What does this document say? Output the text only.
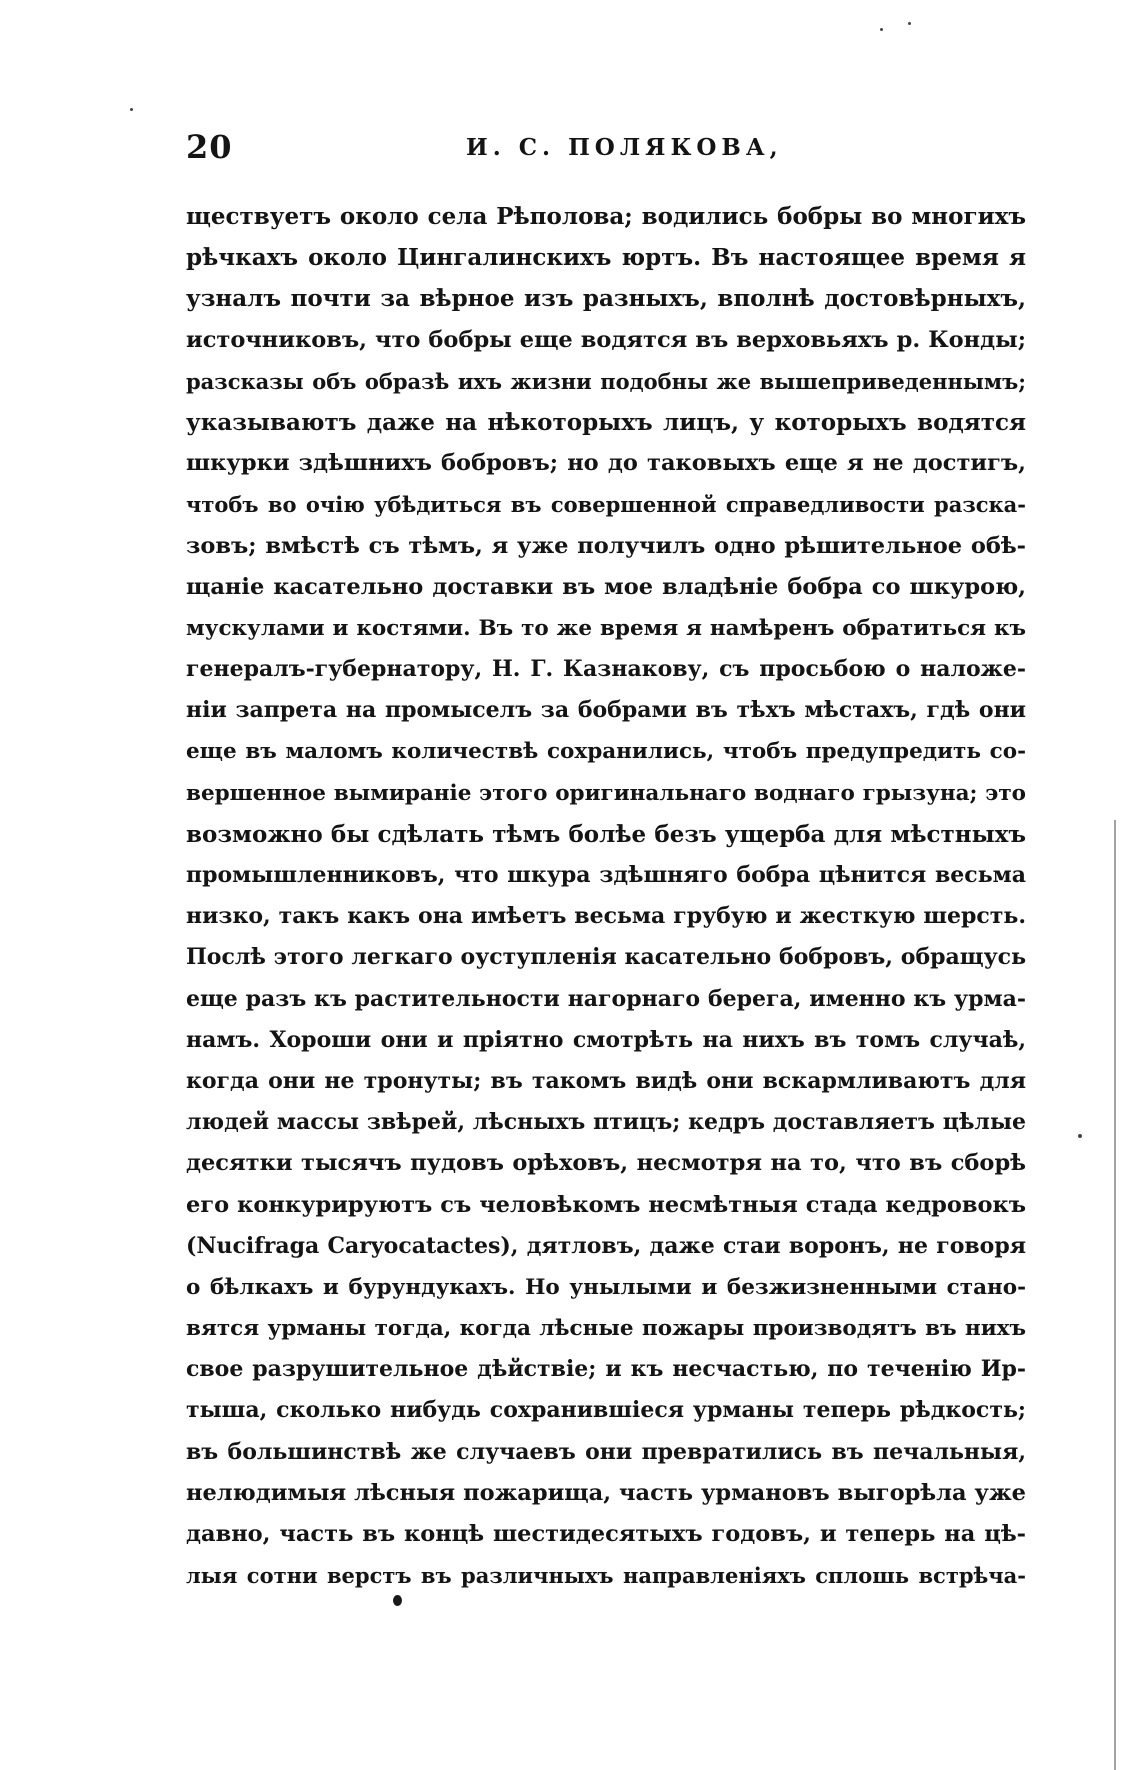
20	И. С. ПОЛЯКОВА,
ществуетъ около села Рѣполова; водились бобры во многихъ
рѣчкахъ около Цингалинскихъ юртъ. Въ настоящее время я
узналъ почти за вѣрное изъ разныхъ, вполнѣ достовѣрныхъ,
источниковъ, что бобры еще водятся въ верховьяхъ р. Конды;
разсказы объ образѣ ихъ жизни подобны же вышеприведеннымъ;
указываютъ даже на нѣкоторыхъ лицъ, у которыхъ водятся
шкурки здѣшнихъ бобровъ; но до таковыхъ еще я не достигъ,
чтобъ во очію убѣдиться въ совершенной справедливости разска-
зовъ; вмѣстѣ съ тѣмъ, я уже получилъ одно рѣшительное обѣ-
щаніе касательно доставки въ мое владѣніе бобра со шкурою,
мускулами и костями. Въ то же время я намѣренъ обратиться къ
генералъ-губернатору, Н. Г. Казнакову, съ просьбою о наложе-
ніи запрета на промыселъ за бобрами въ тѣхъ мѣстахъ, гдѣ они
еще въ маломъ количествѣ сохранились, чтобъ предупредить со-
вершенное вымираніе этого оригинальнаго воднаго грызуна; это
возможно бы сдѣлать тѣмъ болѣе безъ ущерба для мѣстныхъ
промышленниковъ, что шкура здѣшняго бобра цѣнится весьма
низко, такъ какъ она имѣетъ весьма грубую и жесткую шерсть.
Послѣ этого легкаго оуступленія касательно бобровъ, обращусь
еще разъ къ растительности нагорнаго берега, именно къ урма-
намъ. Хороши они и пріятно смотрѣть на нихъ въ томъ случаѣ,
когда они не тронуты; въ такомъ видѣ они вскармливаютъ для
людей массы звѣрей, лѣсныхъ птицъ; кедръ доставляетъ цѣлые
десятки тысячъ пудовъ орѣховъ, несмотря на то, что въ сборѣ
его конкурируютъ съ человѣкомъ несмѣтныя стада кедровокъ
(Nucifraga Caryocatactes), дятловъ, даже стаи воронъ, не говоря
о бѣлкахъ и бурундукахъ. Но унылыми и безжизненными стано-
вятся урманы тогда, когда лѣсные пожары производятъ въ нихъ
свое разрушительное дѣйствіе; и къ несчастью, по теченію Ир-
тыша, сколько нибудь сохранившіеся урманы теперь рѣдкость;
въ большинствѣ же случаевъ они превратились въ печальныя,
нелюдимыя лѣсныя пожарища, часть урмановъ выгорѣла уже
давно, часть въ концѣ шестидесятыхъ годовъ, и теперь на цѣ-
лыя сотни верстъ въ различныхъ направленіяхъ сплошь встрѣча-
